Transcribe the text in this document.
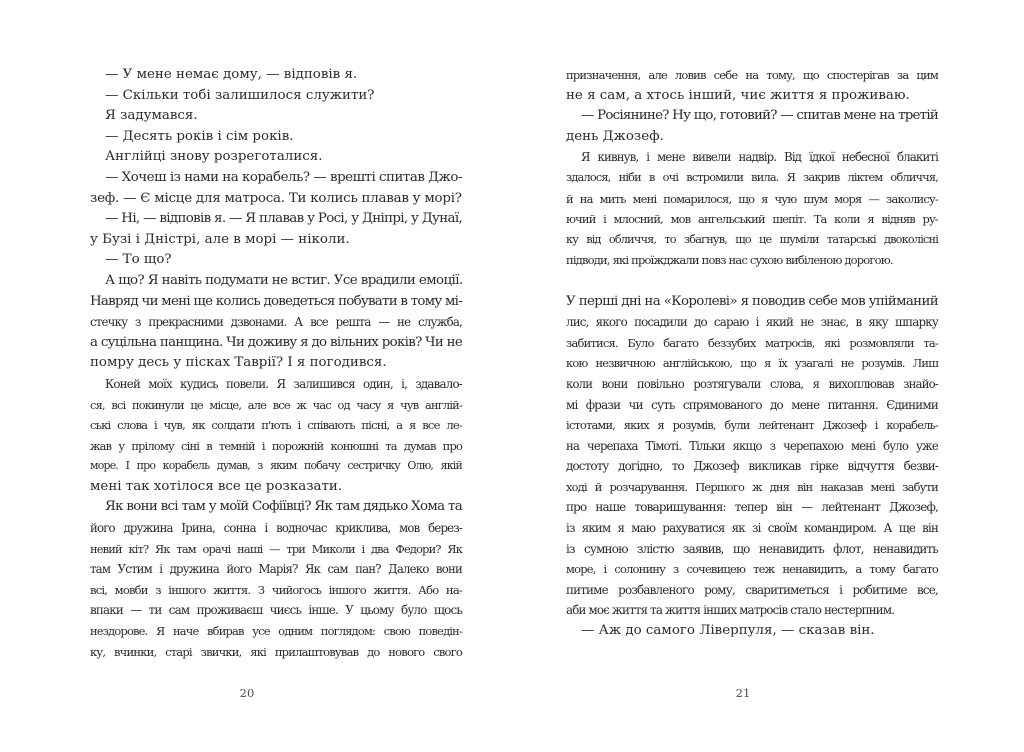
— У мене немає дому, — відповів я.
— Скільки тобі залишилося служити?
Я задумався.
— Десять років і сім років.
Англійці знову розреготалися.
— Хочеш із нами на корабель? — врешті спитав Джо-
зеф. — Є місце для матроса. Ти колись плавав у морі?
— Ні, — відповів я. — Я плавав у Росі, у Дніпрі, у Дунаї,
у Бузі і Дністрі, але в морі — ніколи.
— То що?
А що? Я навіть подумати не встиг. Усе врадили емоції.
Навряд чи мені ще колись доведеться побувати в тому мі-
стечку з прекрасними дзвонами. А все решта — не служба,
а суцільна панщина. Чи доживу я до вільних років? Чи не
помру десь у пісках Таврії? І я погодився.
Коней моїх кудись повели. Я залишився один, і, здавало-
ся, всі покинули це місце, але все ж час од часу я чув англій-
ські слова і чув, як солдати п'ють і співають пісні, а я все ле-
жав у прілому сіні в темній і порожній конюшні та думав про
море. І про корабель думав, з яким побачу сестричку Олю, якій
мені так хотілося все це розказати.
Як вони всі там у моїй Софіївці? Як там дядько Хома та
його дружина Ірина, сонна і водночас криклива, мов берез-
невий кіт? Як там орачі наші — три Миколи і два Федори? Як
там Устим і дружина його Марія? Як сам пан? Далеко вони
всі, мовби з іншого життя. З чийогось іншого життя. Або на-
впаки — ти сам проживаєш чиєсь інше. У цьому було щось
нездорове. Я наче вбирав усе одним поглядом: свою поведін-
ку, вчинки, старі звички, які прилаштовував до нового свого
призначення, але ловив себе на тому, що спостерігав за цим
не я сам, а хтось інший, чиє життя я проживаю.
— Росіянине? Ну що, готовий? — спитав мене на третій
день Джозеф.
Я кивнув, і мене вивели надвір. Від їдкої небесної блакиті
здалося, ніби в очі встромили вила. Я закрив ліктем обличчя,
й на мить мені помарилося, що я чую шум моря — заколису-
ючий і млосний, мов ангельський шепіт. Та коли я відняв ру-
ку від обличчя, то збагнув, що це шуміли татарські двоколісні
підводи, які проїжджали повз нас сухою вибіленою дорогою.
У перші дні на «Королеві» я поводив себе мов упійманий
лис, якого посадили до сараю і який не знає, в яку шпарку
забитися. Було багато беззубих матросів, які розмовляли та-
кою незвичною англійською, що я їх узагалі не розумів. Лиш
коли вони повільно розтягували слова, я вихоплював знайо-
мі фрази чи суть спрямованого до мене питання. Єдиними
істотами, яких я розумів, були лейтенант Джозеф і корабель-
на черепаха Тімоті. Тільки якщо з черепахою мені було уже
достоту догідно, то Джозеф викликав гірке відчуття безви-
ході й розчарування. Першого ж дня він наказав мені забути
про наше товаришування: тепер він — лейтенант Джозеф,
із яким я маю рахуватися як зі своїм командиром. А ще він
із сумною злістю заявив, що ненавидить флот, ненавидить
море, і солонину з сочевицею теж ненавидить, а тому багато
питиме розбавленого рому, сваритиметься і робитиме все,
аби моє життя та життя інших матросів стало нестерпним.
— Аж до самого Ліверпуля, — сказав він.
20	21
